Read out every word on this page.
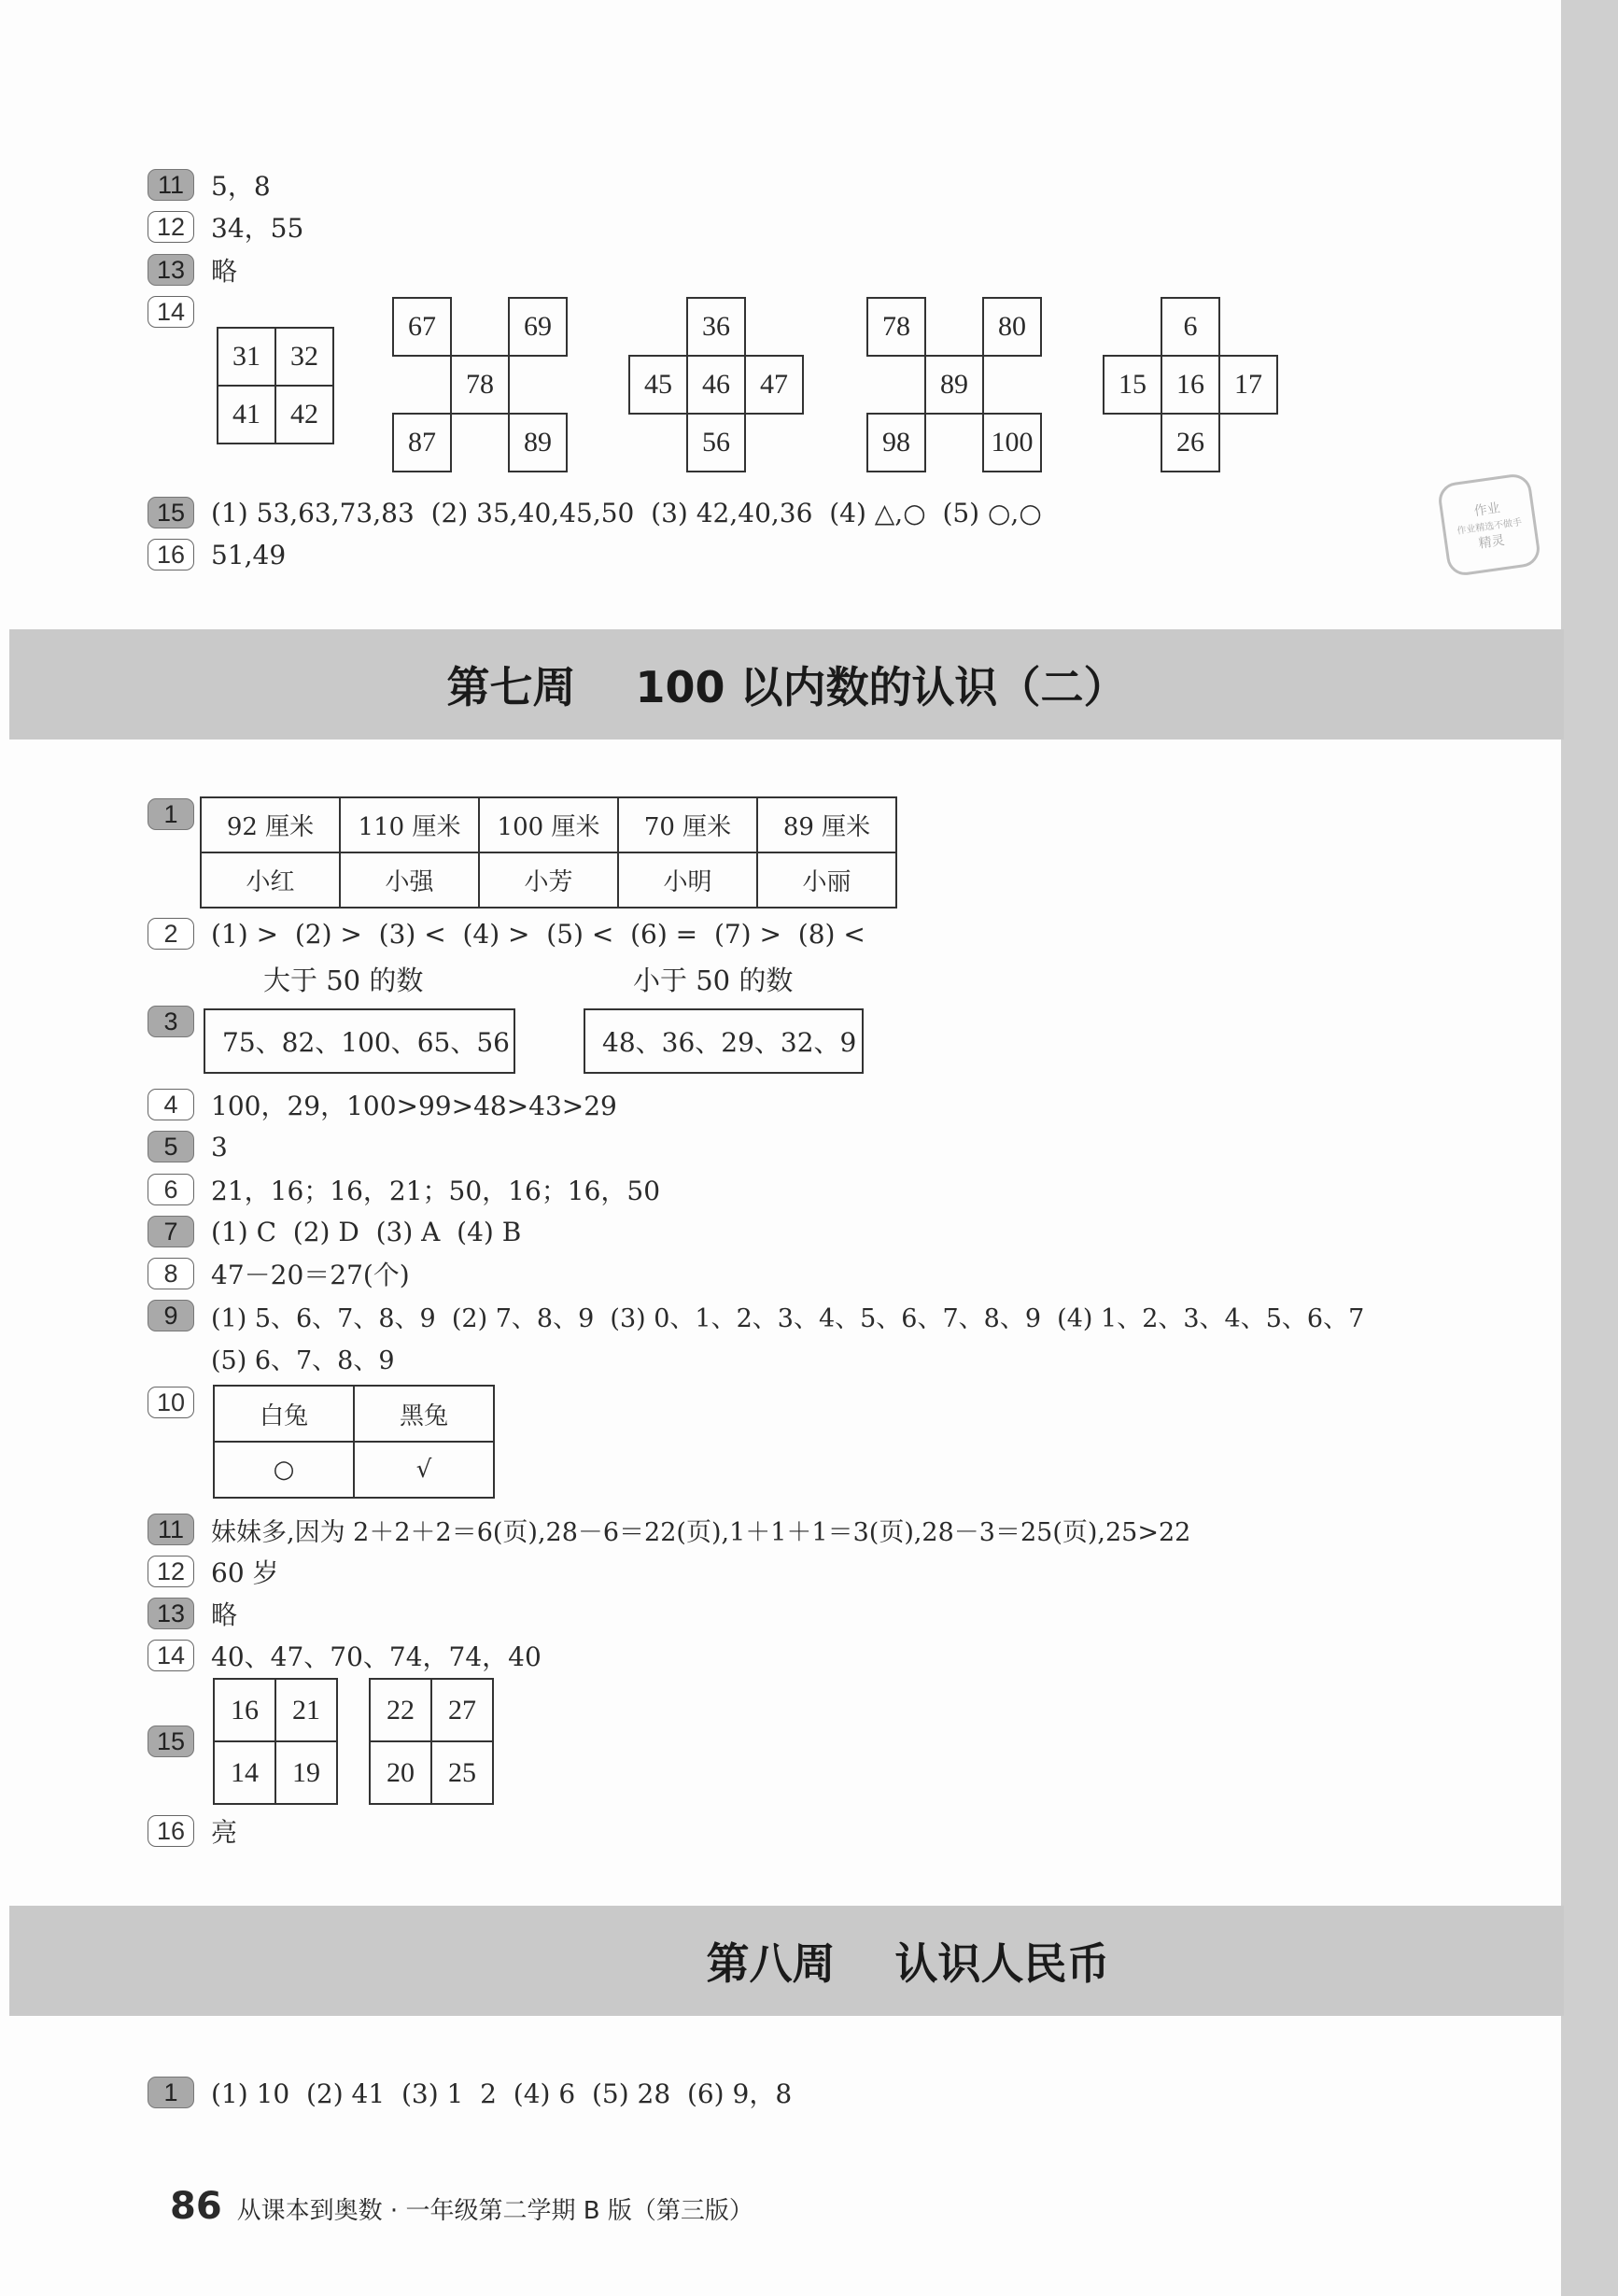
11	5，8
12 34，55
13 略
14
31	32
41	42
67		69
	78	
87		89
	36	
45	46	47
	56	
78		80
	89	
98		100
	6	
15	16	17
	26	
15 (1) 53,63,73,83  (2) 35,40,45,50  (3) 42,40,36  (4) △,○  (5) ○,○
16 51,49
作业
作业精选不做手
精灵
第七周    100 以内数的认识（二）
1	92 厘米	110 厘米	100 厘米	70 厘米	89 厘米
小红	小强	小芳	小明	小丽
2	(1) >  (2) >  (3) <  (4) >  (5) <  (6) =  (7) >  (8) <
大于 50 的数	小于 50 的数
3
75、82、100、65、56	48、36、29、32、9
4	100，29，100>99>48>43>29
5	3
6	21，16；16，21；50，16；16，50
7	(1) C  (2) D  (3) A  (4) B
8	47－20＝27(个)
9	(1) 5、6、7、8、9  (2) 7、8、9  (3) 0、1、2、3、4、5、6、7、8、9  (4) 1、2、3、4、5、6、7
(5) 6、7、8、9
10	白兔	黑兔
○	√
11	妹妹多,因为 2＋2＋2＝6(页),28－6＝22(页),1＋1＋1＝3(页),28－3＝25(页),25>22
12 60 岁
13 略
14 40、47、70、74，74，40
15
16	21
14	19
22	27
20	25
16 亮
第八周    认识人民币
1	(1) 10  (2) 41  (3) 1  2  (4) 6  (5) 28  (6) 9，8
86 从课本到奥数 · 一年级第二学期 B 版（第三版）
